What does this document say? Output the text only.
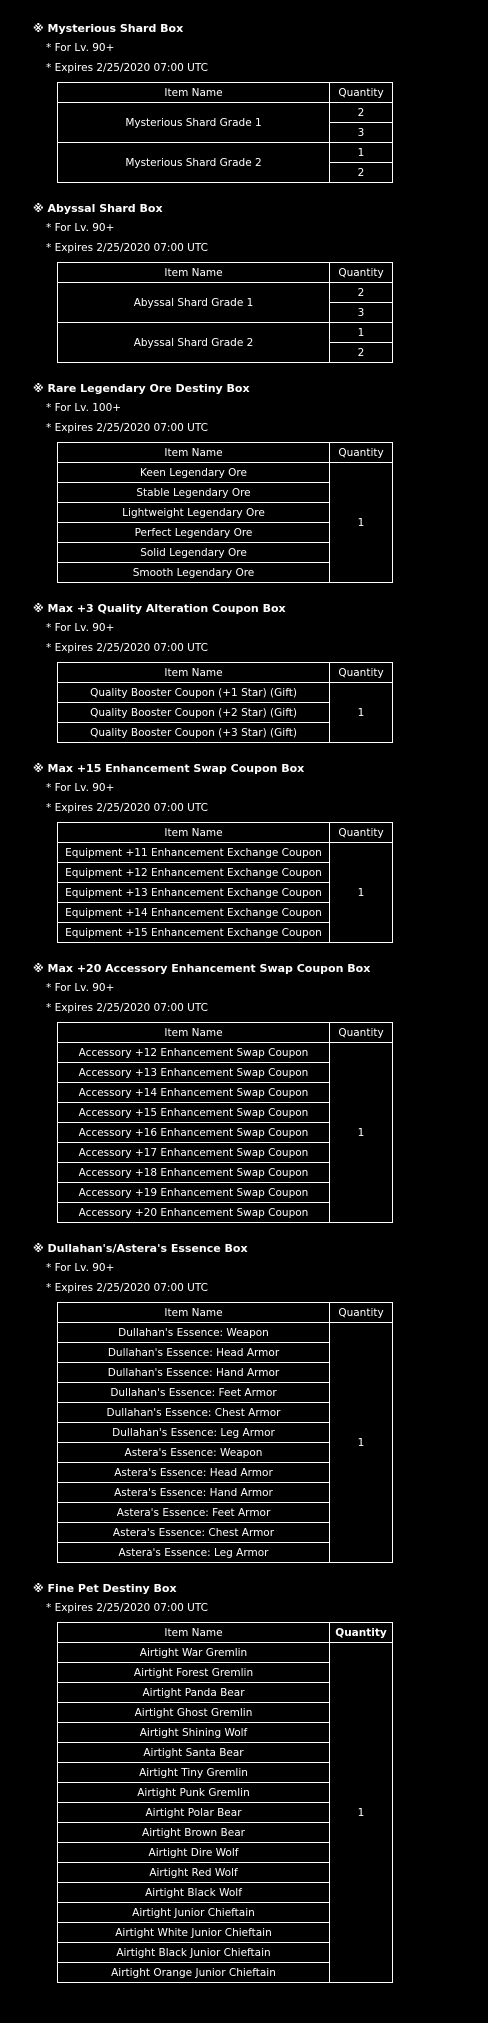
※ Mysterious Shard Box
* For Lv. 90+
* Expires 2/25/2020 07:00 UTC
Item Name	Quantity
Mysterious Shard Grade 1	2
	3
Mysterious Shard Grade 2	1
	2
※ Abyssal Shard Box
* For Lv. 90+
* Expires 2/25/2020 07:00 UTC
Item Name	Quantity
Abyssal Shard Grade 1	2
	3
Abyssal Shard Grade 2	1
	2
※ Rare Legendary Ore Destiny Box
* For Lv. 100+
* Expires 2/25/2020 07:00 UTC
Item Name	Quantity
Keen Legendary Ore	1
Stable Legendary Ore	
Lightweight Legendary Ore	
Perfect Legendary Ore	
Solid Legendary Ore	
Smooth Legendary Ore	
※ Max +3 Quality Alteration Coupon Box
* For Lv. 90+
* Expires 2/25/2020 07:00 UTC
Item Name	Quantity
Quality Booster Coupon (+1 Star) (Gift)	1
Quality Booster Coupon (+2 Star) (Gift)	
Quality Booster Coupon (+3 Star) (Gift)	
※ Max +15 Enhancement Swap Coupon Box
* For Lv. 90+
* Expires 2/25/2020 07:00 UTC
Item Name	Quantity
Equipment +11 Enhancement Exchange Coupon	1
Equipment +12 Enhancement Exchange Coupon	
Equipment +13 Enhancement Exchange Coupon	
Equipment +14 Enhancement Exchange Coupon	
Equipment +15 Enhancement Exchange Coupon	
※ Max +20 Accessory Enhancement Swap Coupon Box
* For Lv. 90+
* Expires 2/25/2020 07:00 UTC
Item Name	Quantity
Accessory +12 Enhancement Swap Coupon	1
Accessory +13 Enhancement Swap Coupon	
Accessory +14 Enhancement Swap Coupon	
Accessory +15 Enhancement Swap Coupon	
Accessory +16 Enhancement Swap Coupon	
Accessory +17 Enhancement Swap Coupon	
Accessory +18 Enhancement Swap Coupon	
Accessory +19 Enhancement Swap Coupon	
Accessory +20 Enhancement Swap Coupon	
※ Dullahan's/Astera's Essence Box
* For Lv. 90+
* Expires 2/25/2020 07:00 UTC
Item Name	Quantity
Dullahan's Essence: Weapon	1
Dullahan's Essence: Head Armor	
Dullahan's Essence: Hand Armor	
Dullahan's Essence: Feet Armor	
Dullahan's Essence: Chest Armor	
Dullahan's Essence: Leg Armor	
Astera's Essence: Weapon	
Astera's Essence: Head Armor	
Astera's Essence: Hand Armor	
Astera's Essence: Feet Armor	
Astera's Essence: Chest Armor	
Astera's Essence: Leg Armor	
※ Fine Pet Destiny Box
* Expires 2/25/2020 07:00 UTC
Item Name	Quantity
Airtight War Gremlin	1
Airtight Forest Gremlin	
Airtight Panda Bear	
Airtight Ghost Gremlin	
Airtight Shining Wolf	
Airtight Santa Bear	
Airtight Tiny Gremlin	
Airtight Punk Gremlin	
Airtight Polar Bear	
Airtight Brown Bear	
Airtight Dire Wolf	
Airtight Red Wolf	
Airtight Black Wolf	
Airtight Junior Chieftain	
Airtight White Junior Chieftain	
Airtight Black Junior Chieftain	
Airtight Orange Junior Chieftain	
